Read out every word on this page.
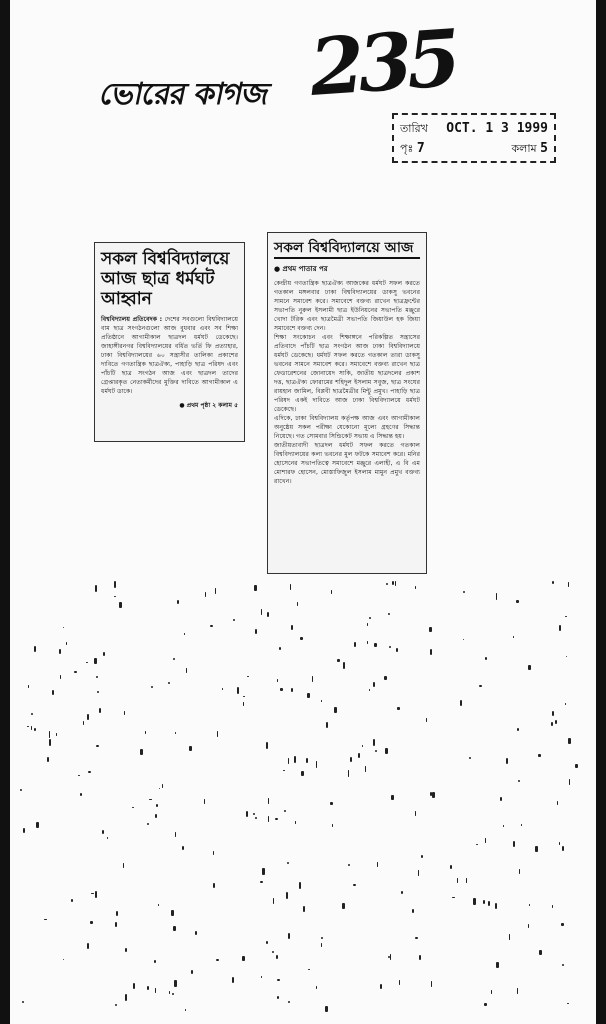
ভোরের কাগজ 235
তারিখ OCT. 1 3 1999
পৃঃ 7	কলাম 5
সকল বিশ্ববিদ্যালয়ে আজ ছাত্র ধর্মঘট আহ্বান
বিশ্ববিদ্যালয় প্রতিবেদক : দেশের সবগুলো বিশ্ববিদ্যালয়ে বাম ছাত্র সংগঠনগুলো আজ বুধবার এবং সব শিক্ষা প্রতিষ্ঠানে আগামীকাল ছাত্রদল ধর্মঘট ডেকেছে। জাহাঙ্গীরনগর বিশ্ববিদ্যালয়ের বর্ধিত ভর্তি ফি প্রত্যাহার, ঢাকা বিশ্ববিদ্যালয়ের ৬০ সন্ত্রাসীর তালিকা প্রকাশের দাবিতে গণতান্ত্রিক ছাত্রঐক্য, পাহাড়ি ছাত্র পরিষদ এবং পাঁচটি ছাত্র সংগঠন আজ এবং ছাত্রদল তাদের গ্রেপ্তারকৃত নেতাকর্মীদের মুক্তির দাবিতে আগামীকাল এ ধর্মঘট ডাকে।
● প্রথম পৃষ্ঠা ২ কলাম ৫
সকল বিশ্ববিদ্যালয়ে আজ
● প্রথম পাতার পর
কেন্দ্রীয় গণতান্ত্রিক ছাত্রঐক্য আজকের ধর্মঘট সফল করতে গতকাল মঙ্গলবার ঢাকা বিশ্ববিদ্যালয়ের ডাকসু ভবনের সামনে সমাবেশ করে। সমাবেশে বক্তব্য রাখেন ছাত্রফ্রন্টের সভাপতি নুরুল ইসলামী ছাত্র ইউনিয়নের সভাপতি মঞ্জুরে খোদা টরিক এবং ছাত্রমৈত্রী সভাপতি জিয়াউল হক জিয়া সমাবেশে বক্তব্য দেন।
শিক্ষা সংকোচন এবং শিক্ষাঙ্গনে পরিকল্পিত সন্ত্রাসের প্রতিবাদে পাঁচটি ছাত্র সংগঠন আজ ঢাকা বিশ্ববিদ্যালয়ে ধর্মঘট ডেকেছে। ধর্মঘট সফল করতে গতকাল তারা ডাকসু ভবনের সামনে সমাবেশ করে। সমাবেশে বক্তব্য রাখেন ছাত্র ফেডারেশনের জোনায়েদ সাকি, জাতীয় ছাত্রদলের প্রকাশ দত্ত, ছাত্রঐক্য ফোরামের শহিদুল ইসলাম সবুজ, ছাত্র সংঘের রায়হান জামিল, বিপ্লবী ছাত্রমৈত্রীর মিন্টু প্রমুখ। পাহাড়ি ছাত্র পরিষদ একই দাবিতে আজ ঢাকা বিশ্ববিদ্যালয়ে ধর্মঘট ডেকেছে।
এদিকে, ঢাকা বিশ্ববিদ্যালয় কর্তৃপক্ষ আজ এবং আগামীকাল অনুষ্ঠেয় সকল পরীক্ষা যেকোনো মূল্যে গ্রহণের সিদ্ধান্ত নিয়েছে। গত সোমবার সিন্ডিকেট সভায় এ সিদ্ধান্ত হয়।
জাতীয়তাবাদী ছাত্রদল ধর্মঘট সফল করতে গতকাল বিশ্ববিদ্যালয়ের কলা ভবনের মুল ফটকে সমাবেশ করে। মনির হোসেনের সভাপতিত্বে সমাবেশে মঞ্জুরে এলাহী, এ বি এম মোশারফ হোসেন, মোস্তাফিজুল ইসলাম মামুন প্রমুখ বক্তব্য রাখেন।
